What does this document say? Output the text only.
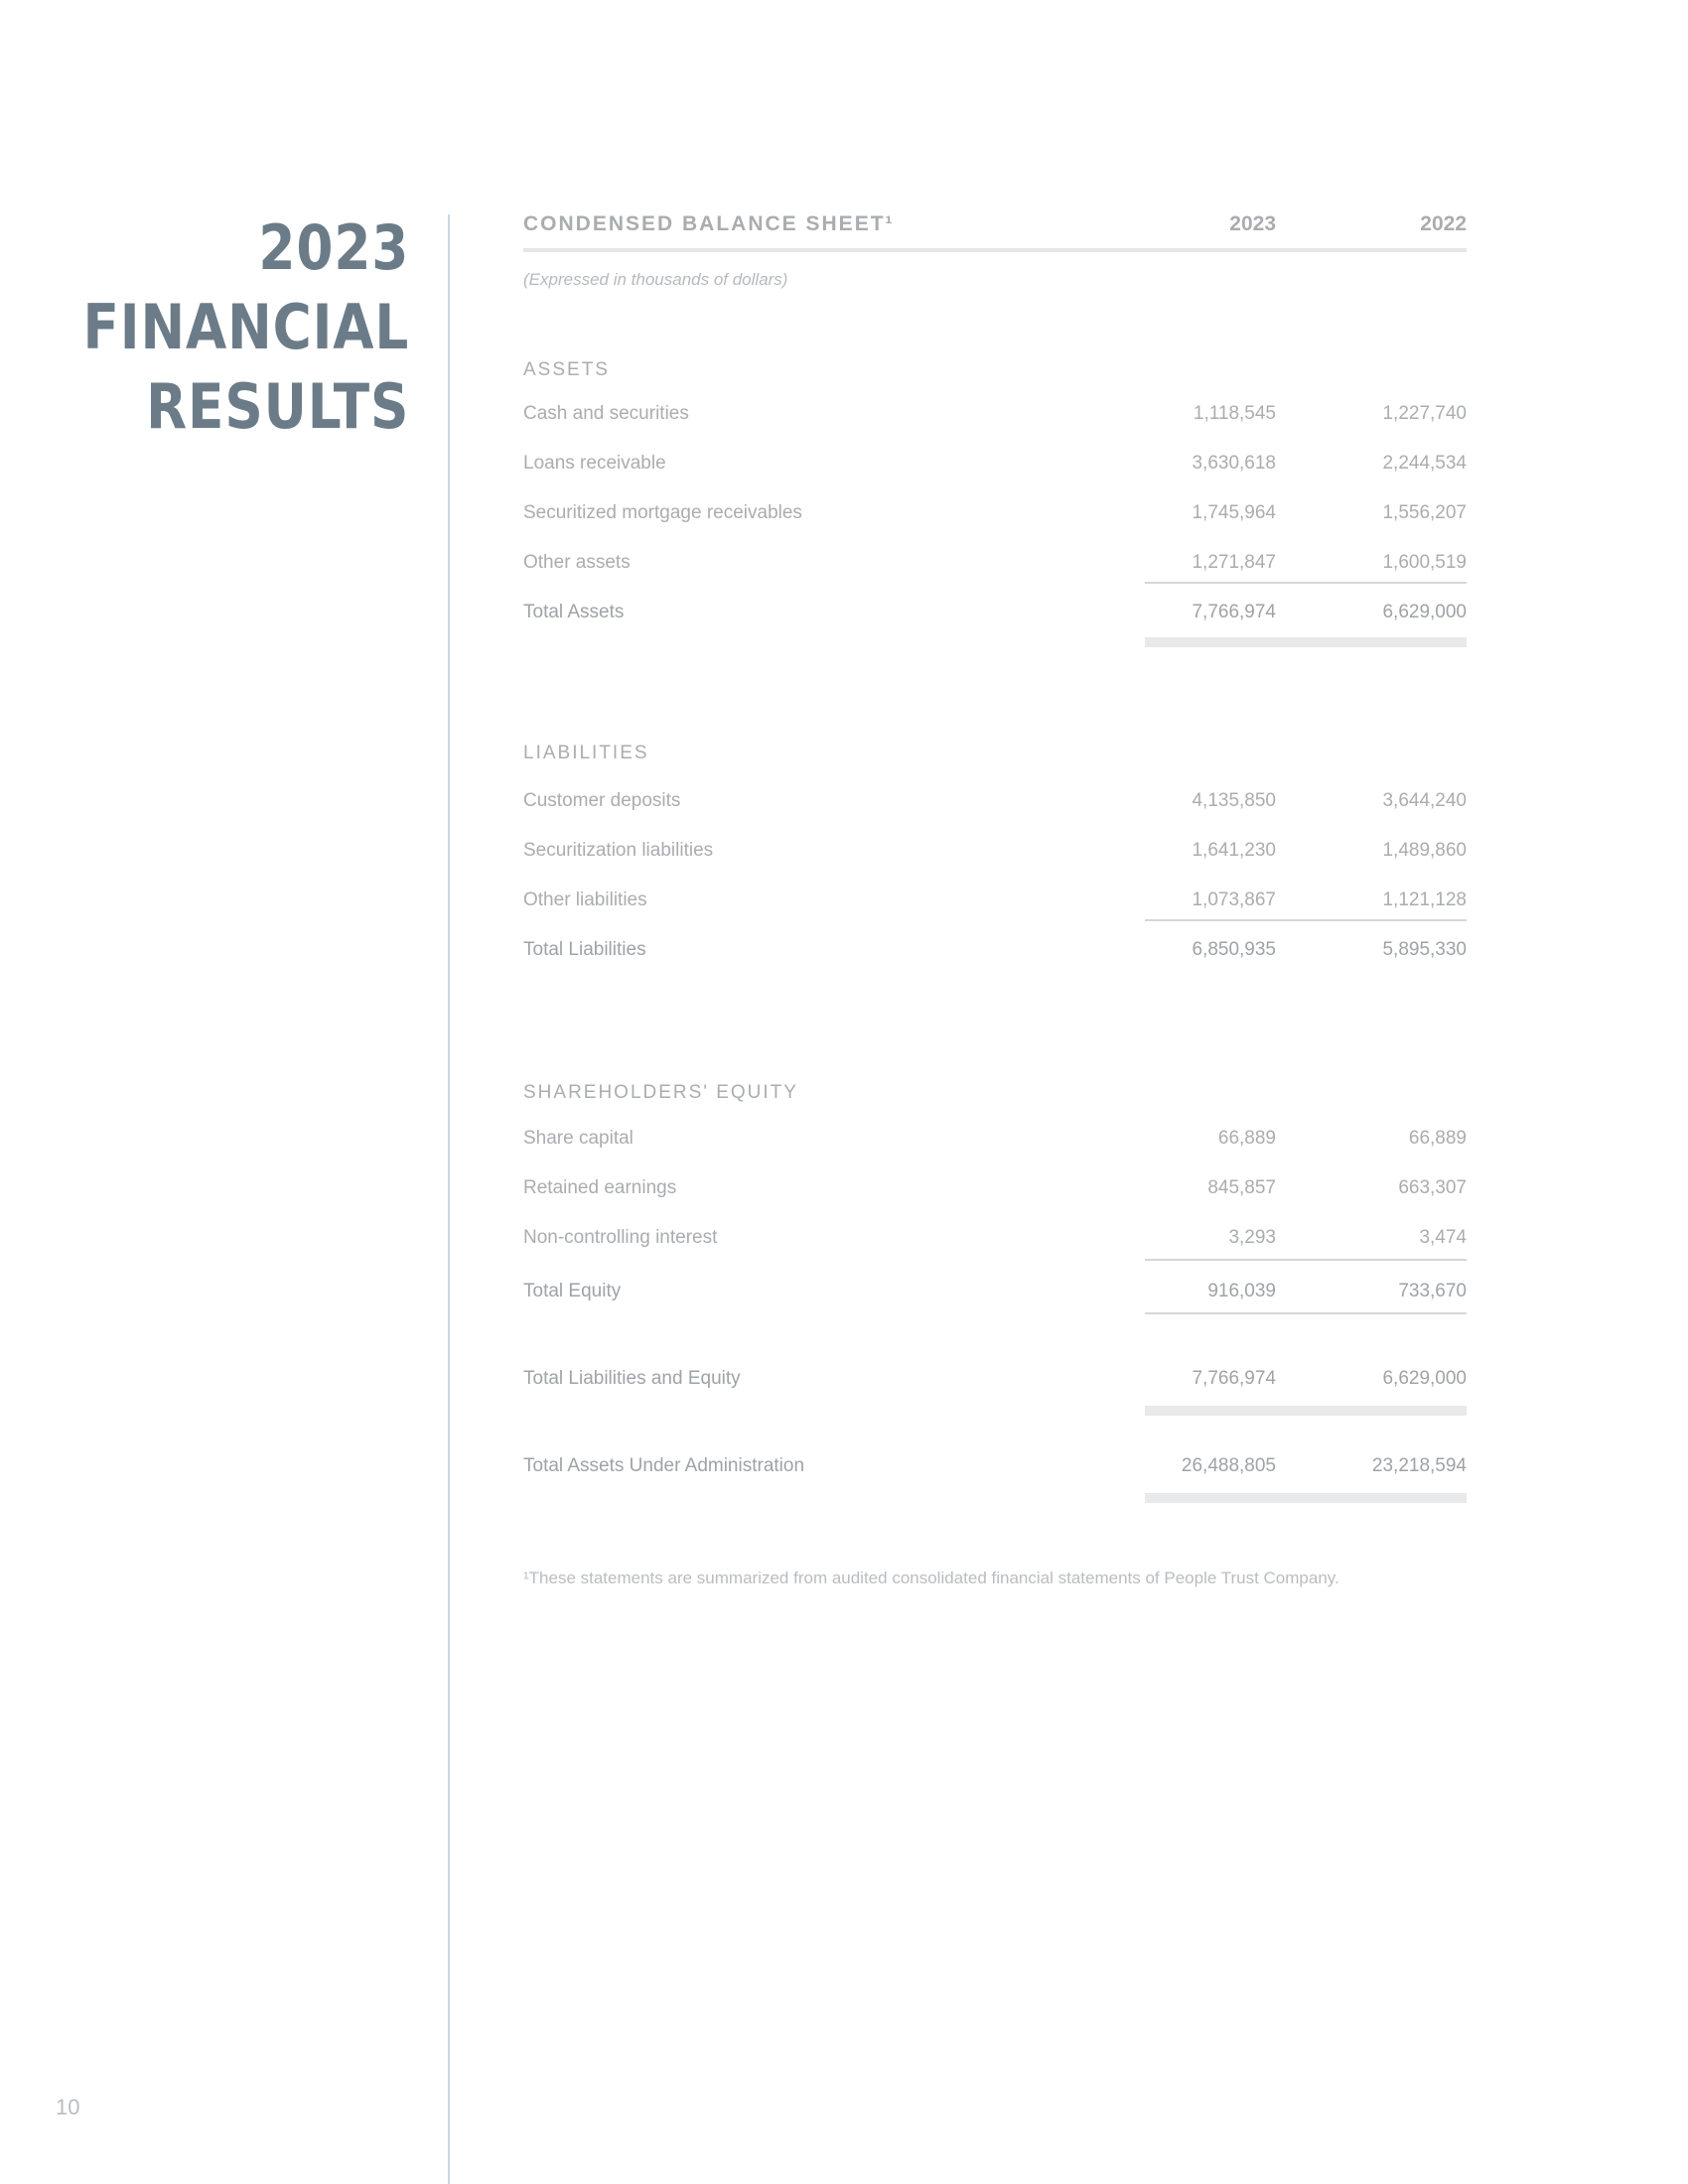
2023
FINANCIAL
RESULTS
CONDENSED BALANCE SHEET¹	2023	2022
(Expressed in thousands of dollars)
ASSETS
Cash and securities	1,118,545	1,227,740
Loans receivable	3,630,618	2,244,534
Securitized mortgage receivables	1,745,964	1,556,207
Other assets	1,271,847	1,600,519
Total Assets	7,766,974	6,629,000
LIABILITIES
Customer deposits	4,135,850	3,644,240
Securitization liabilities	1,641,230	1,489,860
Other liabilities	1,073,867	1,121,128
Total Liabilities	6,850,935	5,895,330
SHAREHOLDERS' EQUITY
Share capital	66,889	66,889
Retained earnings	845,857	663,307
Non-controlling interest	3,293	3,474
Total Equity	916,039	733,670
Total Liabilities and Equity	7,766,974	6,629,000
Total Assets Under Administration	26,488,805	23,218,594
¹These statements are summarized from audited consolidated financial statements of People Trust Company.
10
